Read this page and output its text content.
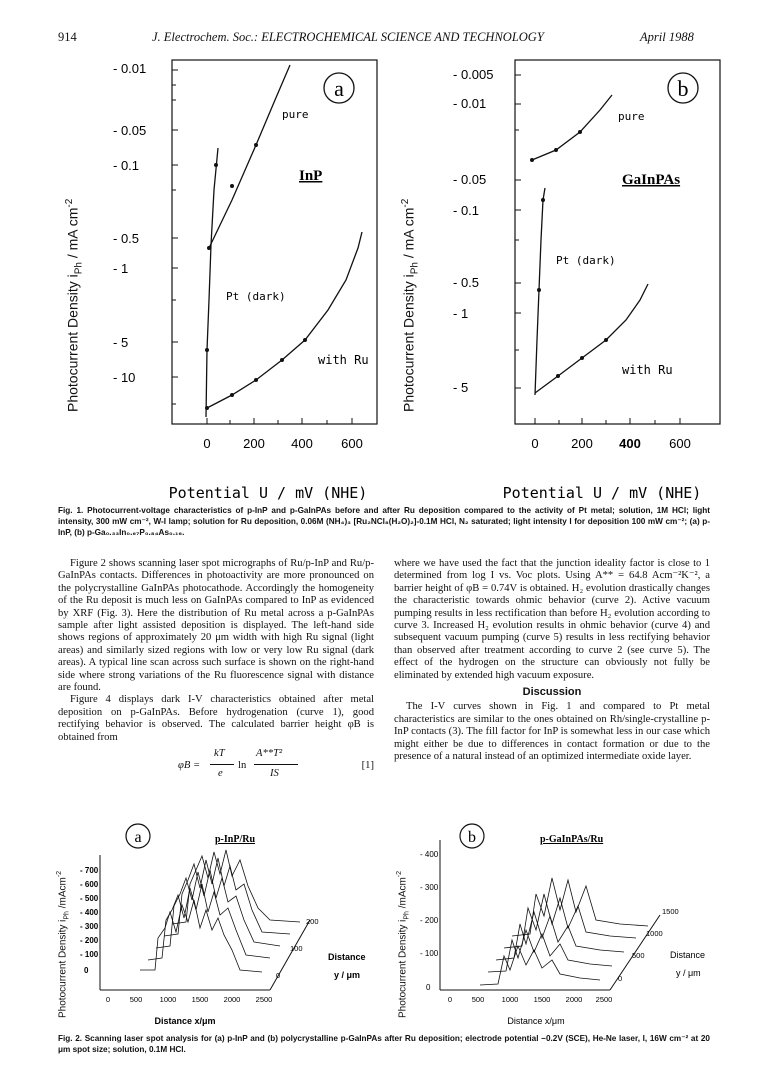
914	J. Electrochem. Soc.: ELECTROCHEMICAL SCIENCE AND TECHNOLOGY	April 1988
Photocurrent Density $i_{Ph}$ / mA $cm^{-2}$
Photocurrent Density $i_{Ph}$ / mA $cm^{-2}$
a
pure
Pt (dark)
with Ru
InP
- 0.01
- 0.05
- 0.1
- 0.5
- 1
- 5
- 10
0	200 400 600
b
pure
Pt (dark)
with Ru
GaInPAs
- 0.005
- 0.01
- 0.05
- 0.1
- 0.5
- 1
- 5
0	200 400 600
Potential U / mV (NHE)	Potential U / mV (NHE)
Fig. 1. Photocurrent-voltage characteristics of p-InP and p-GaInPAs before and after Ru deposition compared to the activity of Pt metal; solution, 1M HCl; light intensity, 300 mW cm⁻², W-I lamp; solution for Ru deposition, 0.06M (NH₄)₃ [Ru₂NCl₈(H₂O)₂]-0.1M HCl, N₂ saturated; light intensity I for deposition 100 mW cm⁻²; (a) p-InP, (b) p-Ga₀.₃₃In₀.₆₇P₀.₈₄As₀.₁₆.

Figure 2 shows scanning laser spot micrographs of Ru/p-InP and Ru/p-GaInPAs contacts. Differences in photoactivity are more pronounced on the polycrystalline GaInPAs photocathode. Accordingly the homogeneity of the Ru deposit is much less on GaInPAs compared to InP as evidenced by XRF (Fig. 3). Here the distribution of Ru metal across a p-GaInPAs sample after light assisted deposition is displayed. The left-hand side shows regions of approximately 20 μm width with high Ru signal (light areas) and similarly sized regions with low or very low Ru signal (dark areas). A typical line scan across such surface is shown on the right-hand side where strong variations of the Ru fluorescence signal with distance are found.

Figure 4 displays dark I-V characteristics obtained after metal deposition on p-GaInPAs. Before hydrogenation (curve 1), good rectifying behavior is observed. The calculated barrier height φB is obtained from

φB =
kT
e
ln
A**T²
IS
[1]

where we have used the fact that the junction ideality factor is close to 1 determined from log I vs. Voc plots. Using A** = 64.8 Acm⁻²K⁻², a barrier height of φB = 0.74V is obtained. H₂ evolution drastically changes the characteristic towards ohmic behavior (curve 2). Active vacuum pumping results in less rectification than before H₂ evolution according to curve 3. Increased H₂ evolution results in ohmic behavior (curve 4) and subsequent vacuum pumping (curve 5) results in less rectifying behavior than observed after treatment according to curve 2 (see curve 5). The effect of the hydrogen on the structure can obviously not fully be eliminated by extended high vacuum exposure.

Discussion

The I-V curves shown in Fig. 1 and compared to Pt metal characteristics are similar to the ones obtained on Rh/single-crystalline p-InP contacts (3). The fill factor for InP is somewhat less in our case which might either be due to differences in contact formation or due to the presence of a natural instead of an optimized intermediate oxide layer.

Photocurrent Density $i_{Ph}$ /mAcm$^{-2}$
Photocurrent Density $i_{Ph}$ /mAcm$^{-2}$
a	p-InP/Ru
- 700
- 600
- 500
- 400
- 300
- 200
- 100
0
0	500 1000 1500 2000 2500
0
100
200
Distance
y / μm
Distance x/μm
b	p-GaInPAs/Ru
- 400
- 300
- 200
- 100
0
0	500 1000 1500 2000 2500
0
500
1000
1500
Distance
y / μm
Distance x/μm
Fig. 2. Scanning laser spot analysis for (a) p-InP and (b) polycrystalline p-GaInPAs after Ru deposition; electrode potential −0.2V (SCE), He-Ne laser, I, 16W cm⁻² at 20 μm spot size; solution, 0.1M HCl.
